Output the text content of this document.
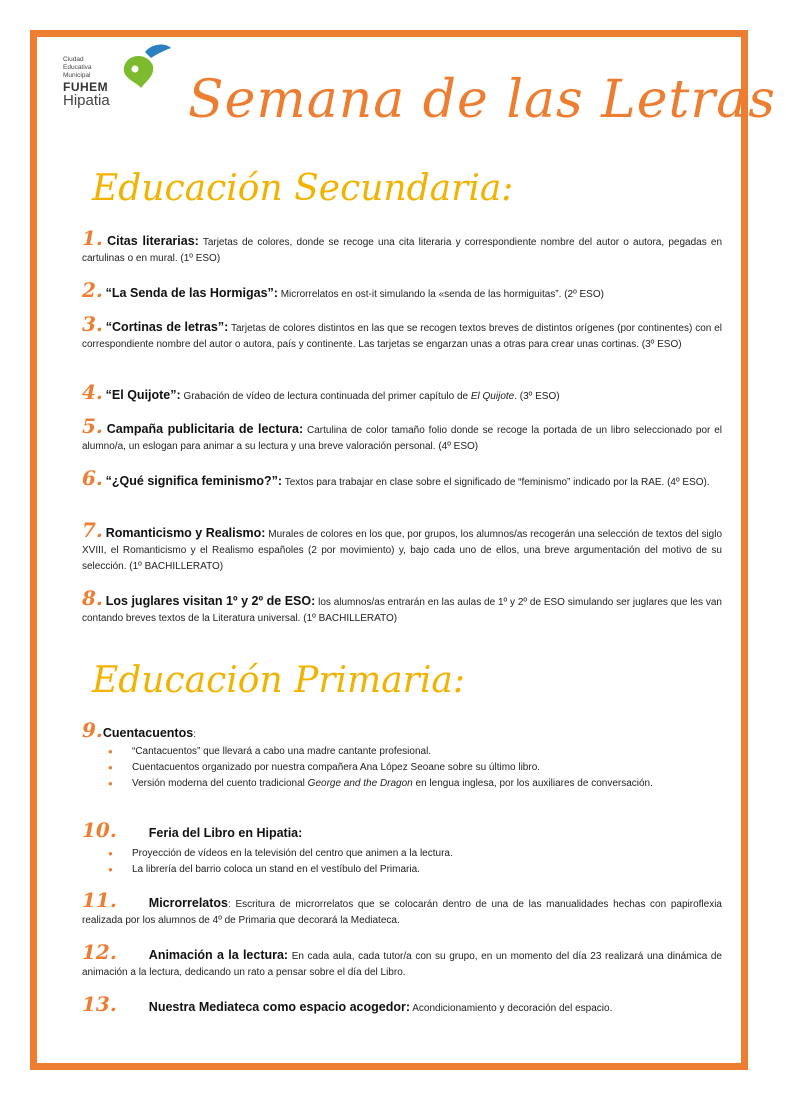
Ciudad
Educativa
Municipal
FUHEM
Hipatia Semana de las Letras
Educación Secundaria:
1. Citas literarias: Tarjetas de colores, donde se recoge una cita literaria y correspondiente nombre del autor o autora, pegadas en cartulinas o en mural. (1º ESO)
2. “La Senda de las Hormigas”: Microrrelatos en ost-it simulando la «senda de las hormiguitas”. (2º ESO)
3. “Cortinas de letras”: Tarjetas de colores distintos en las que se recogen textos breves de distintos orígenes (por continentes) con el correspondiente nombre del autor o autora, país y continente. Las tarjetas se engarzan unas a otras para crear unas cortinas. (3º ESO)
4. “El Quijote”: Grabación de vídeo de lectura continuada del primer capítulo de El Quijote. (3º ESO)
5. Campaña publicitaria de lectura: Cartulina de color tamaño folio donde se recoge la portada de un libro seleccionado por el alumno/a, un eslogan para animar a su lectura y una breve valoración personal. (4º ESO)
6. “¿Qué significa feminismo?”: Textos para trabajar en clase sobre el significado de “feminismo” indicado por la RAE. (4º ESO).
7. Romanticismo y Realismo: Murales de colores en los que, por grupos, los alumnos/as recogerán una selección de textos del siglo XVIII, el Romanticismo y el Realismo españoles (2 por movimiento) y, bajo cada uno de ellos, una breve argumentación del motivo de su selección. (1º BACHILLERATO)
8. Los juglares visitan 1º y 2º de ESO: los alumnos/as entrarán en las aulas de 1º y 2º de ESO simulando ser juglares que les van contando breves textos de la Literatura universal. (1º BACHILLERATO)
Educación Primaria:
9.Cuentacuentos:
● “Cantacuentos” que llevará a cabo una madre cantante profesional.
● Cuentacuentos organizado por nuestra compañera Ana López Seoane sobre su último libro.
● Versión moderna del cuento tradicional George and the Dragon en lengua inglesa, por los auxiliares de conversación.
10.	Feria del Libro en Hipatia:
● Proyección de vídeos en la televisión del centro que animen a la lectura.
● La librería del barrio coloca un stand en el vestíbulo del Primaria.
11.	Microrrelatos: Escritura de microrrelatos que se colocarán dentro de una de las manualidades hechas con papiroflexia realizada por los alumnos de 4º de Primaria que decorará la Mediateca.
12.	Animación a la lectura: En cada aula, cada tutor/a con su grupo, en un momento del día 23 realizará una dinámica de animación a la lectura, dedicando un rato a pensar sobre el día del Libro.
13.	Nuestra Mediateca como espacio acogedor: Acondicionamiento y decoración del espacio.
